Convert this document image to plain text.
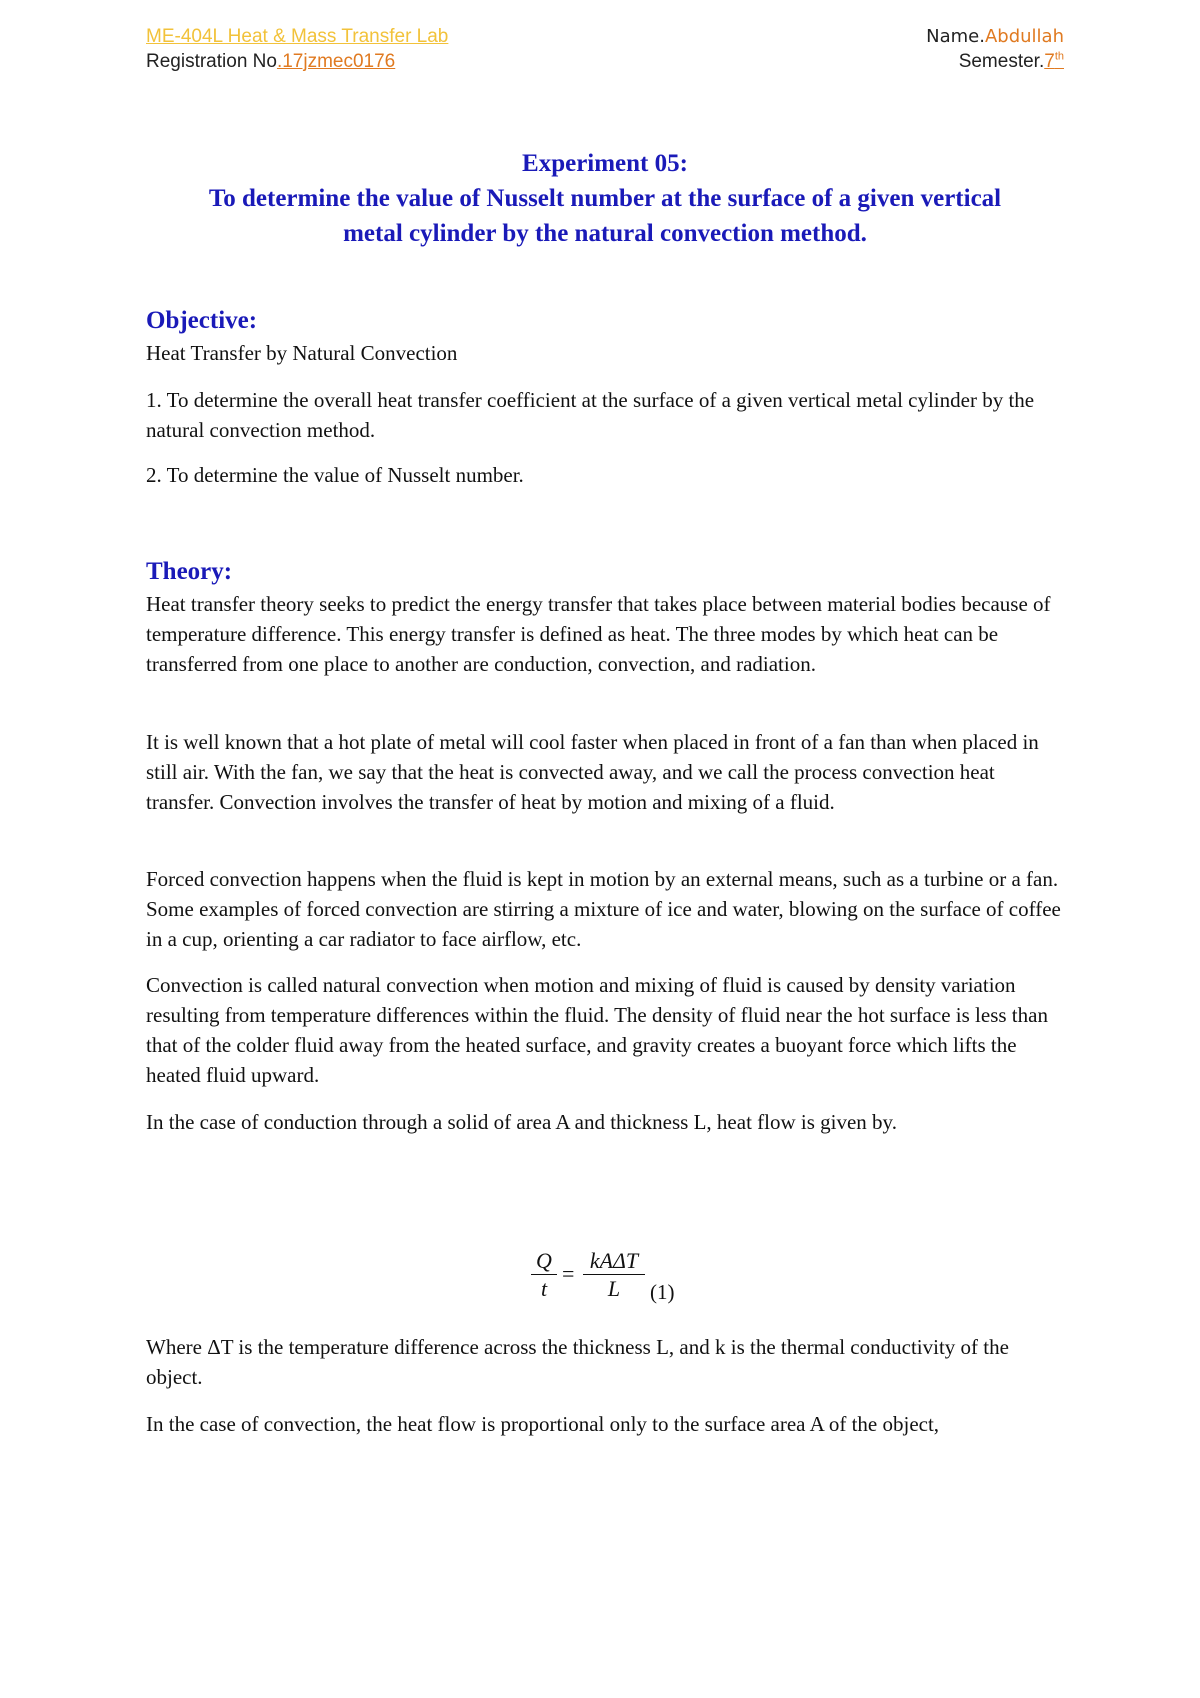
ME-404L Heat & Mass Transfer Lab
Registration No.17jzmec0176
Name.Abdullah
Semester.7th
Experiment 05:
To determine the value of Nusselt number at the surface of a given vertical
metal cylinder by the natural convection method.
Objective:
Heat Transfer by Natural Convection
1. To determine the overall heat transfer coefficient at the surface of a given vertical metal cylinder by the natural convection method.
2. To determine the value of Nusselt number.
Theory:
Heat transfer theory seeks to predict the energy transfer that takes place between material bodies because of temperature difference. This energy transfer is defined as heat. The three modes by which heat can be transferred from one place to another are conduction, convection, and radiation.
It is well known that a hot plate of metal will cool faster when placed in front of a fan than when placed in still air. With the fan, we say that the heat is convected away, and we call the process convection heat transfer. Convection involves the transfer of heat by motion and mixing of a fluid.
Forced convection happens when the fluid is kept in motion by an external means, such as a turbine or a fan. Some examples of forced convection are stirring a mixture of ice and water, blowing on the surface of coffee in a cup, orienting a car radiator to face airflow, etc.
Convection is called natural convection when motion and mixing of fluid is caused by density variation resulting from temperature differences within the fluid. The density of fluid near the hot surface is less than that of the colder fluid away from the heated surface, and gravity creates a buoyant force which lifts the heated fluid upward.
In the case of conduction through a solid of area A and thickness L, heat flow is given by.
$\frac{Q}{t}$ =
kAΔT
L	(1)
Where ΔT is the temperature difference across the thickness L, and k is the thermal conductivity of the object.
In the case of convection, the heat flow is proportional only to the surface area A of the object,
